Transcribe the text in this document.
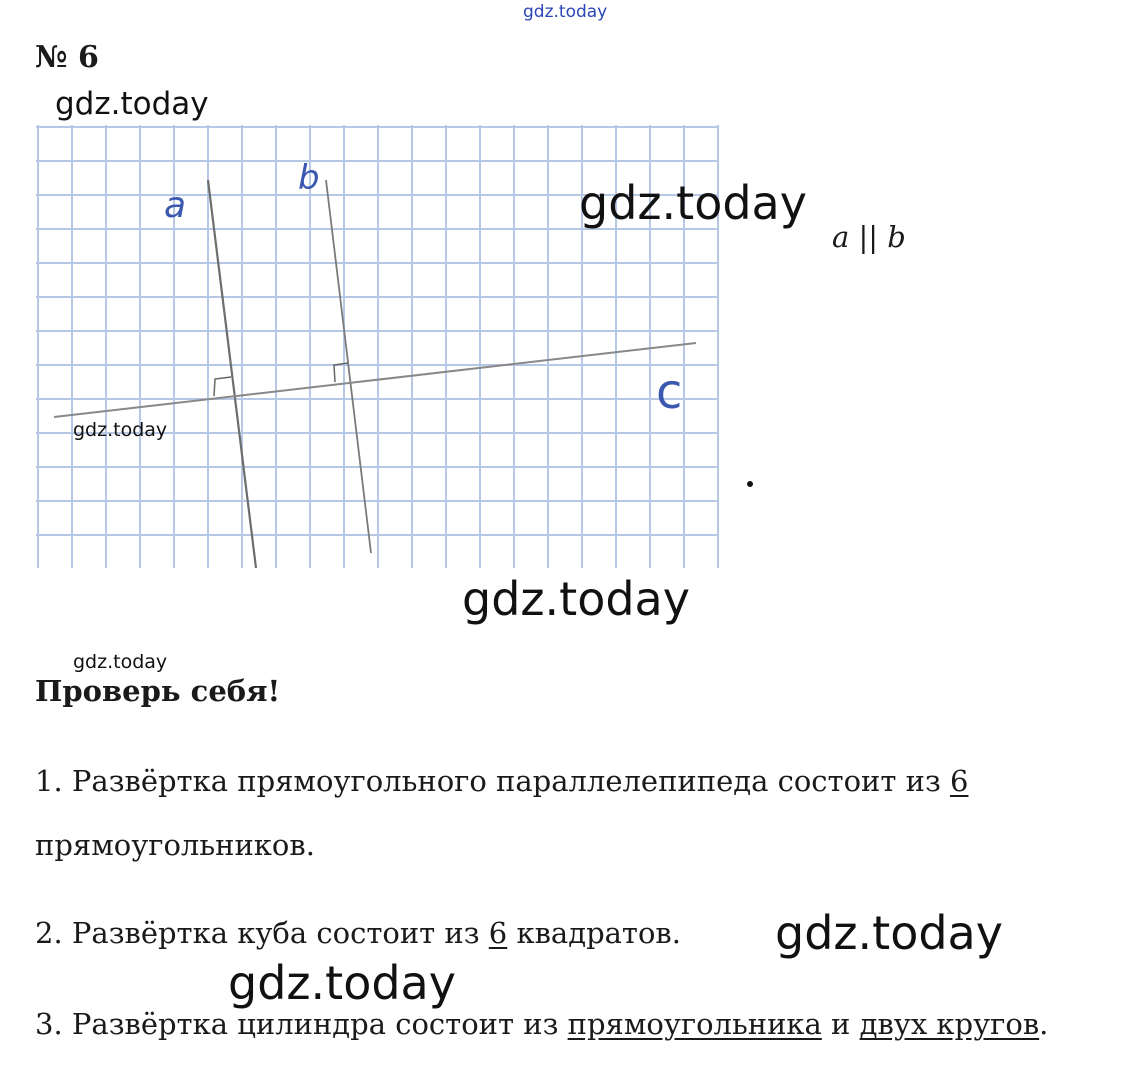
gdz.today
gdz.today
№ 6
a
b
c
gdz.today
a || b
gdz.today
gdz.today
gdz.today
Проверь себя!
1. Развёртка прямоугольного параллелепипеда состоит из 6
прямоугольников.
2. Развёртка куба состоит из 6 квадратов. gdz.today
gdz.today
3. Развёртка цилиндра состоит из прямоугольника и двух кругов.
